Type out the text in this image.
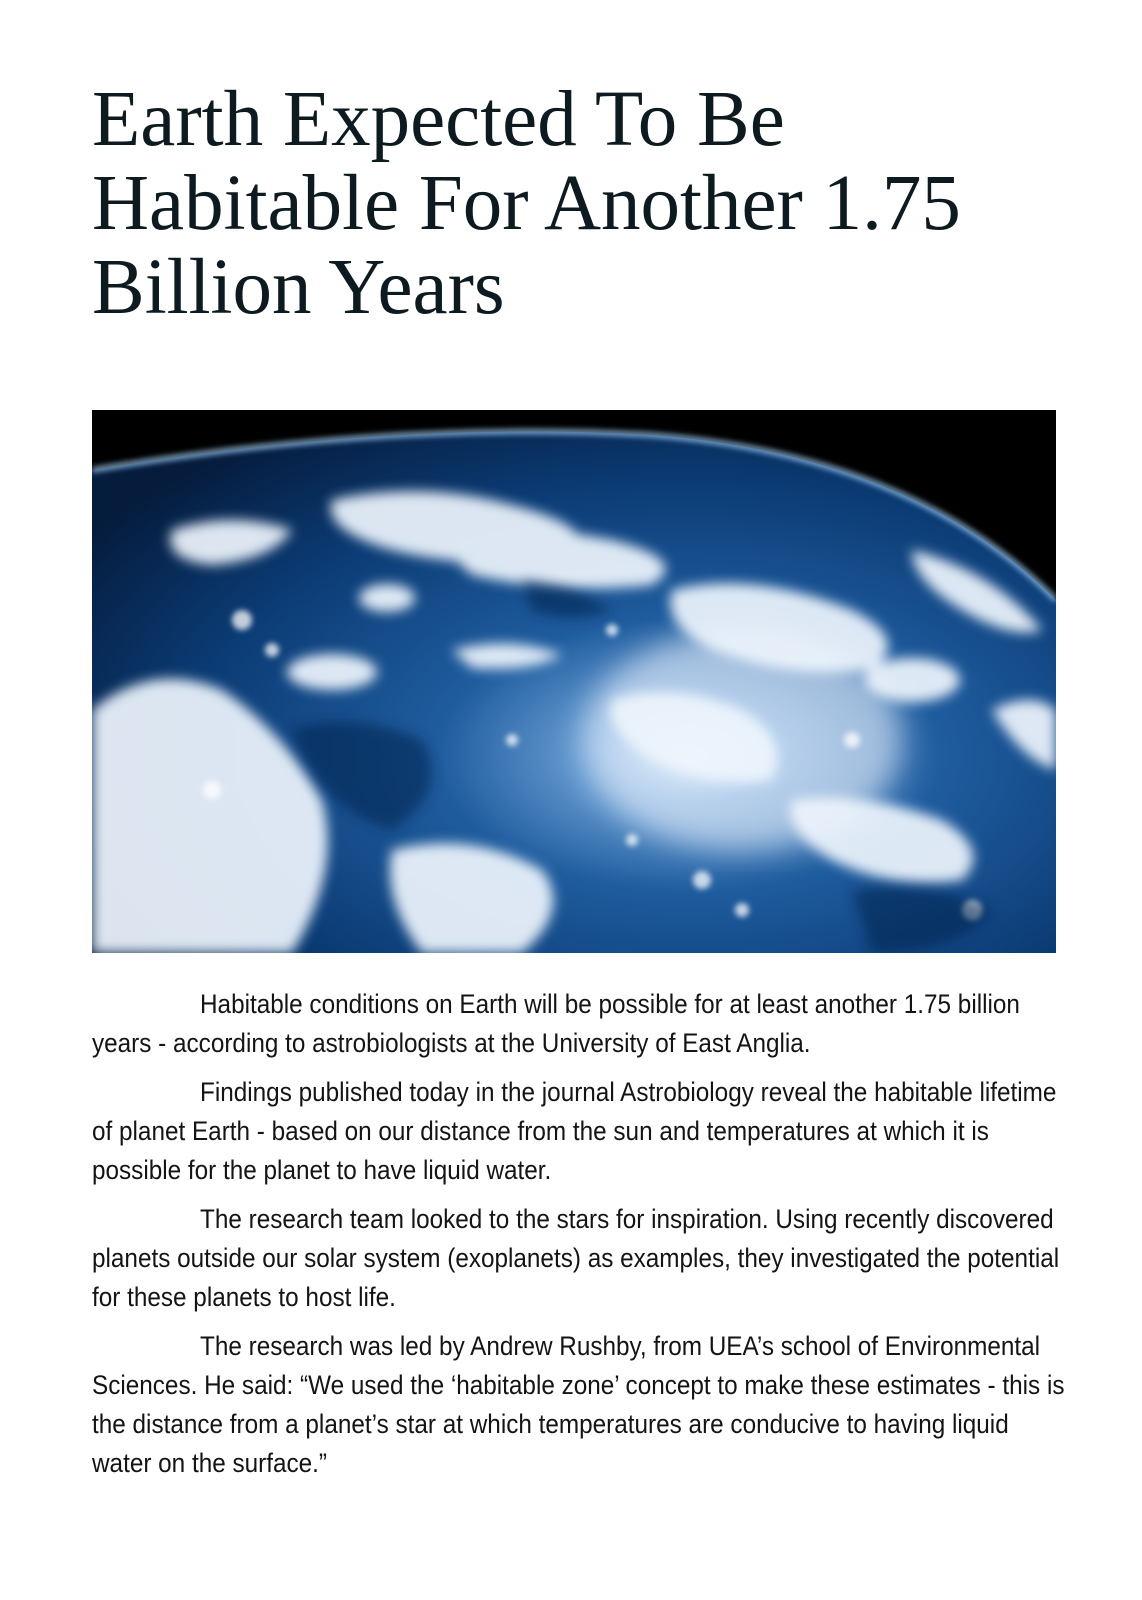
Earth Expected To Be Habitable For Another 1.75 Billion Years

Habitable conditions on Earth will be possible for at least another 1.75 billion years - according to astrobiologists at the University of East Anglia.

Findings published today in the journal Astrobiology reveal the habitable lifetime of planet Earth - based on our distance from the sun and temperatures at which it is possible for the planet to have liquid water.

The research team looked to the stars for inspiration. Using recently discovered planets outside our solar system (exoplanets) as examples, they investigated the potential for these planets to host life.

The research was led by Andrew Rushby, from UEA’s school of Environmental Sciences. He said: “We used the ‘habitable zone’ concept to make these estimates - this is the distance from a planet’s star at which temperatures are conducive to having liquid water on the surface.”
